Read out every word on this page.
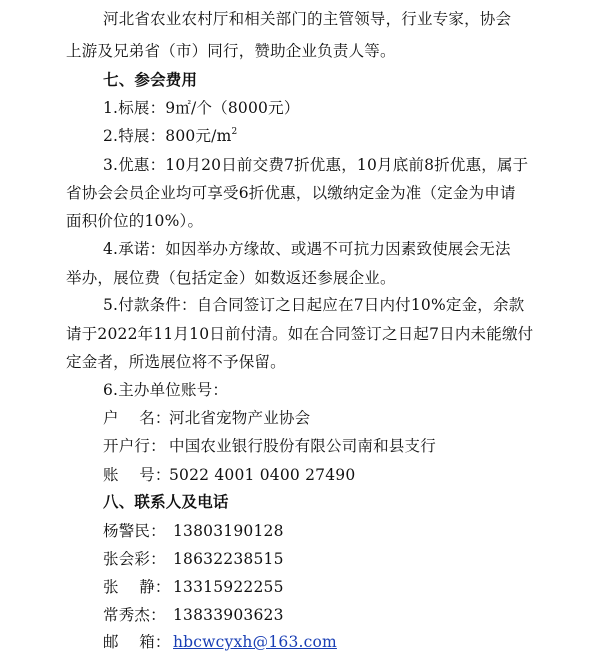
河北省农业农村厅和相关部门的主管领导，行业专家，协会
上游及兄弟省（市）同行，赞助企业负责人等。
七、参会费用
1.标展：9㎡/个（8000元）
2.特展：800元$/m^2$
3.优惠：10月20日前交费7折优惠，10月底前8折优惠，属于
省协会会员企业均可享受6折优惠，以缴纳定金为准（定金为申请
面积价位的10%）。
4.承诺：如因举办方缘故、或遇不可抗力因素致使展会无法
举办，展位费（包括定金）如数返还参展企业。
5.付款条件：自合同签订之日起应在7日内付10%定金，余款
请于2022年11月10日前付清。如在合同签订之日起7日内未能缴付
定金者，所选展位将不予保留。
6.主办单位账号：
户    名：河北省宠物产业协会
开户行： 中国农业银行股份有限公司南和县支行
账    号：5022 4001 0400 27490
八、联系人及电话
杨警民： 13803190128
张会彩： 18632238515
张    静： 13315922255
常秀杰： 13833903623
邮    箱： hbcwcyxh@163.com
